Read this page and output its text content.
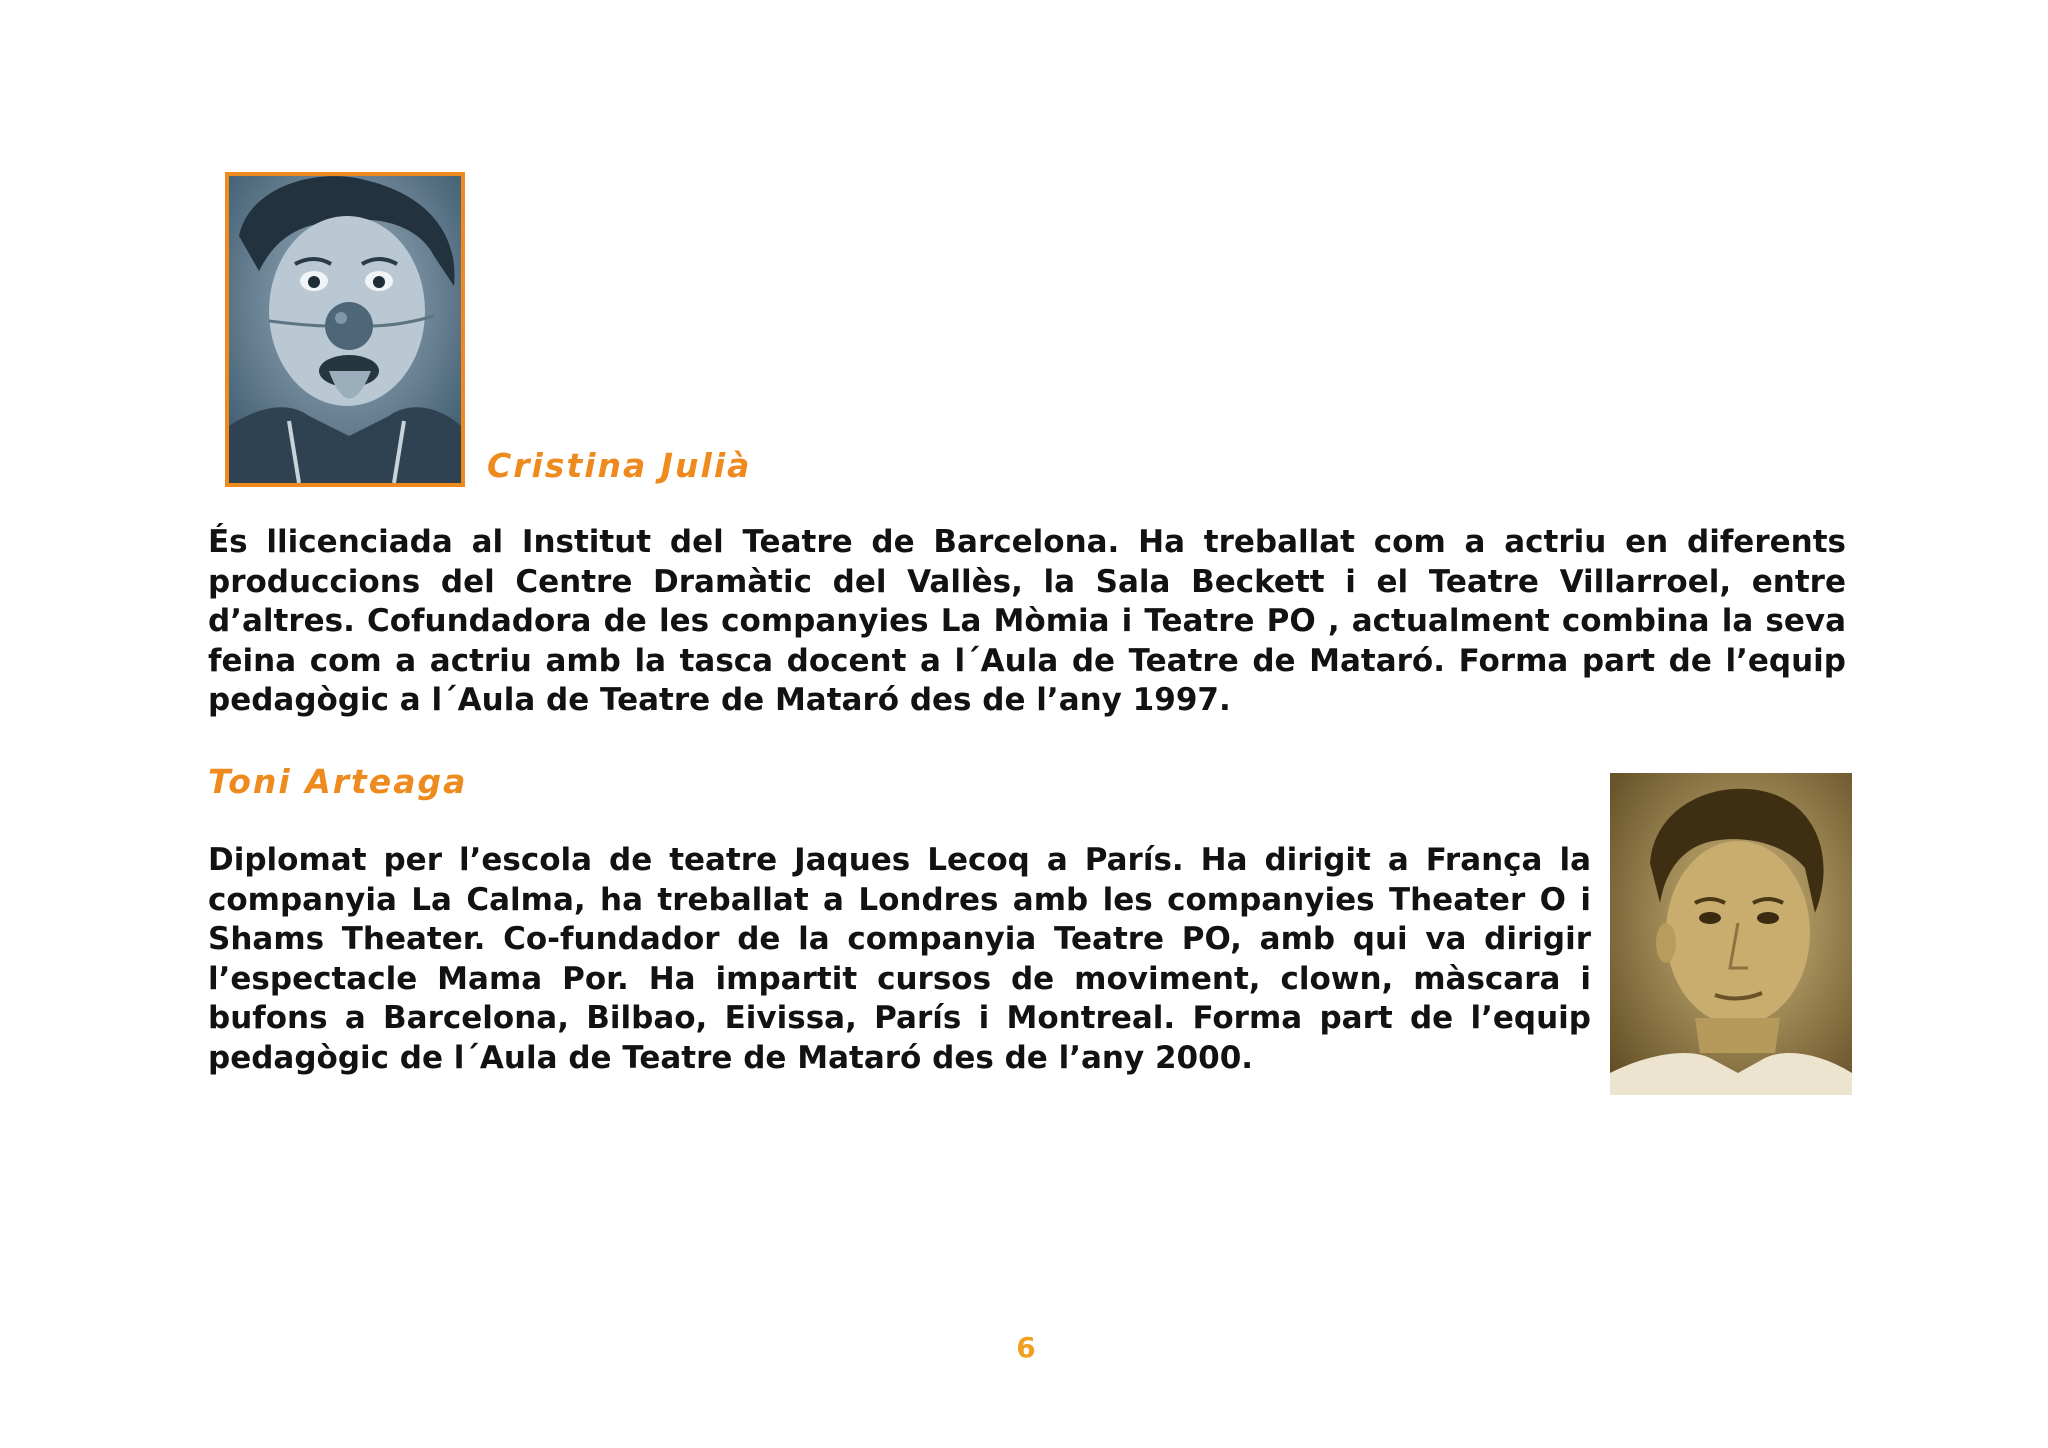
Cristina Julià

És llicenciada al Institut del Teatre de Barcelona. Ha treballat com a actriu en diferents produccions del Centre Dramàtic del Vallès, la Sala Beckett i el Teatre Villarroel, entre d’altres. Cofundadora de les companyies La Mòmia i Teatre PO , actualment combina la seva feina com a actriu amb la tasca docent a l´Aula de Teatre de Mataró. Forma part de l’equip pedagògic a l´Aula de Teatre de Mataró des de l’any 1997.

Toni Arteaga

Diplomat per l’escola de teatre Jaques Lecoq a París. Ha dirigit a França la companyia La Calma, ha treballat a Londres amb les companyies Theater O i Shams Theater. Co-fundador de la companyia Teatre PO, amb qui va dirigir l’espectacle Mama Por. Ha impartit cursos de moviment, clown, màscara i bufons a Barcelona, Bilbao, Eivissa, París i Montreal. Forma part de l’equip pedagògic de l´Aula de Teatre de Mataró des de l’any 2000.

6
